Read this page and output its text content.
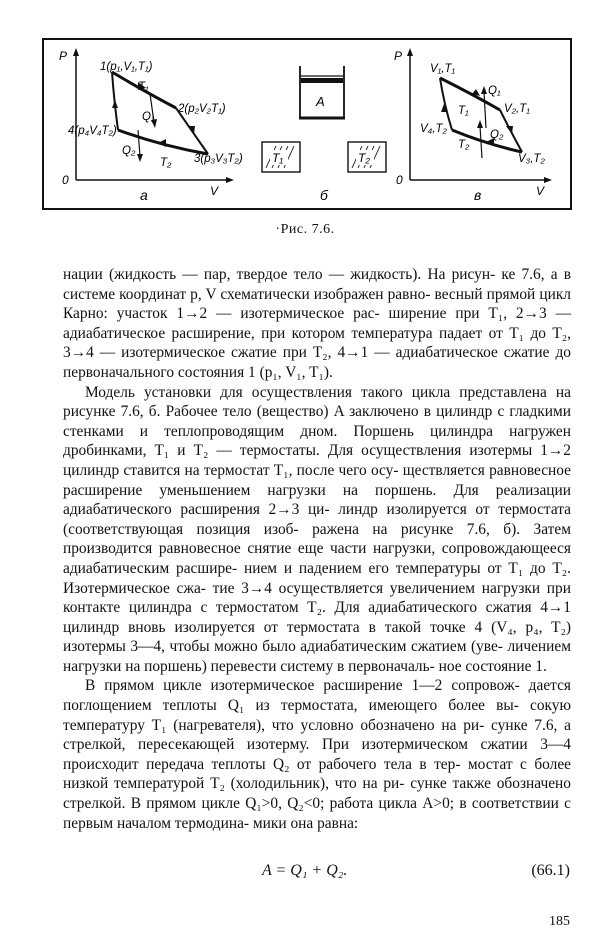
P
V
0
1(p₁,V₁,T₁)
2(p₂V₂T₁)
3(p₃V₃T₂)
4(p₄V₄T₂)
T₁
Q₁
Q₂
T₂
а
A
T₁	T₂
б
P
V
0
V₁,T₁
V₂,T₁
V₄,T₂
V₃,T₂
T₁
Q₁
Q₂
T₂
в
·Рис. 7.6.

нации (жидкость — пар, твердое тело — жидкость). На рисун- ке 7.6, а в системе координат p, V схематически изображен равно- весный прямой цикл Карно: участок 1→2 — изотермическое рас- ширение при T₁, 2→3 — адиабатическое расширение, при котором температура падает от T₁ до T₂, 3→4 — изотермическое сжатие при T₂, 4→1 — адиабатическое сжатие до первоначального состояния 1 (p₁, V₁, T₁).

Модель установки для осуществления такого цикла представлена на рисунке 7.6, б. Рабочее тело (вещество) A заключено в цилиндр с гладкими стенками и теплопроводящим дном. Поршень цилиндра нагружен дробинками, T₁ и T₂ — термостаты. Для осуществления изотермы 1→2 цилиндр ставится на термостат T₁, после чего осу- ществляется равновесное расширение уменьшением нагрузки на поршень. Для реализации адиабатического расширения 2→3 ци- линдр изолируется от термостата (соответствующая позиция изоб- ражена на рисунке 7.6, б). Затем производится равновесное снятие еще части нагрузки, сопровождающееся адиабатическим расшире- нием и падением его температуры от T₁ до T₂. Изотермическое сжа- тие 3→4 осуществляется увеличением нагрузки при контакте цилиндра с термостатом T₂. Для адиабатического сжатия 4→1 цилиндр вновь изолируется от термостата в такой точке 4 (V₄, p₄, T₂) изотермы 3—4, чтобы можно было адиабатическим сжатием (уве- личением нагрузки на поршень) перевести систему в первоначаль- ное состояние 1.

В прямом цикле изотермическое расширение 1—2 сопровож- дается поглощением теплоты Q₁ из термостата, имеющего более вы- сокую температуру T₁ (нагревателя), что условно обозначено на ри- сунке 7.6, а стрелкой, пересекающей изотерму. При изотермическом сжатии 3—4 происходит передача теплоты Q₂ от рабочего тела в тер- мостат с более низкой температурой T₂ (холодильник), что на ри- сунке также обозначено стрелкой. В прямом цикле Q₁>0, Q₂<0; работа цикла A>0; в соответствии с первым началом термодина- мики она равна:

A = Q₁ + Q₂.	(66.1)
185
